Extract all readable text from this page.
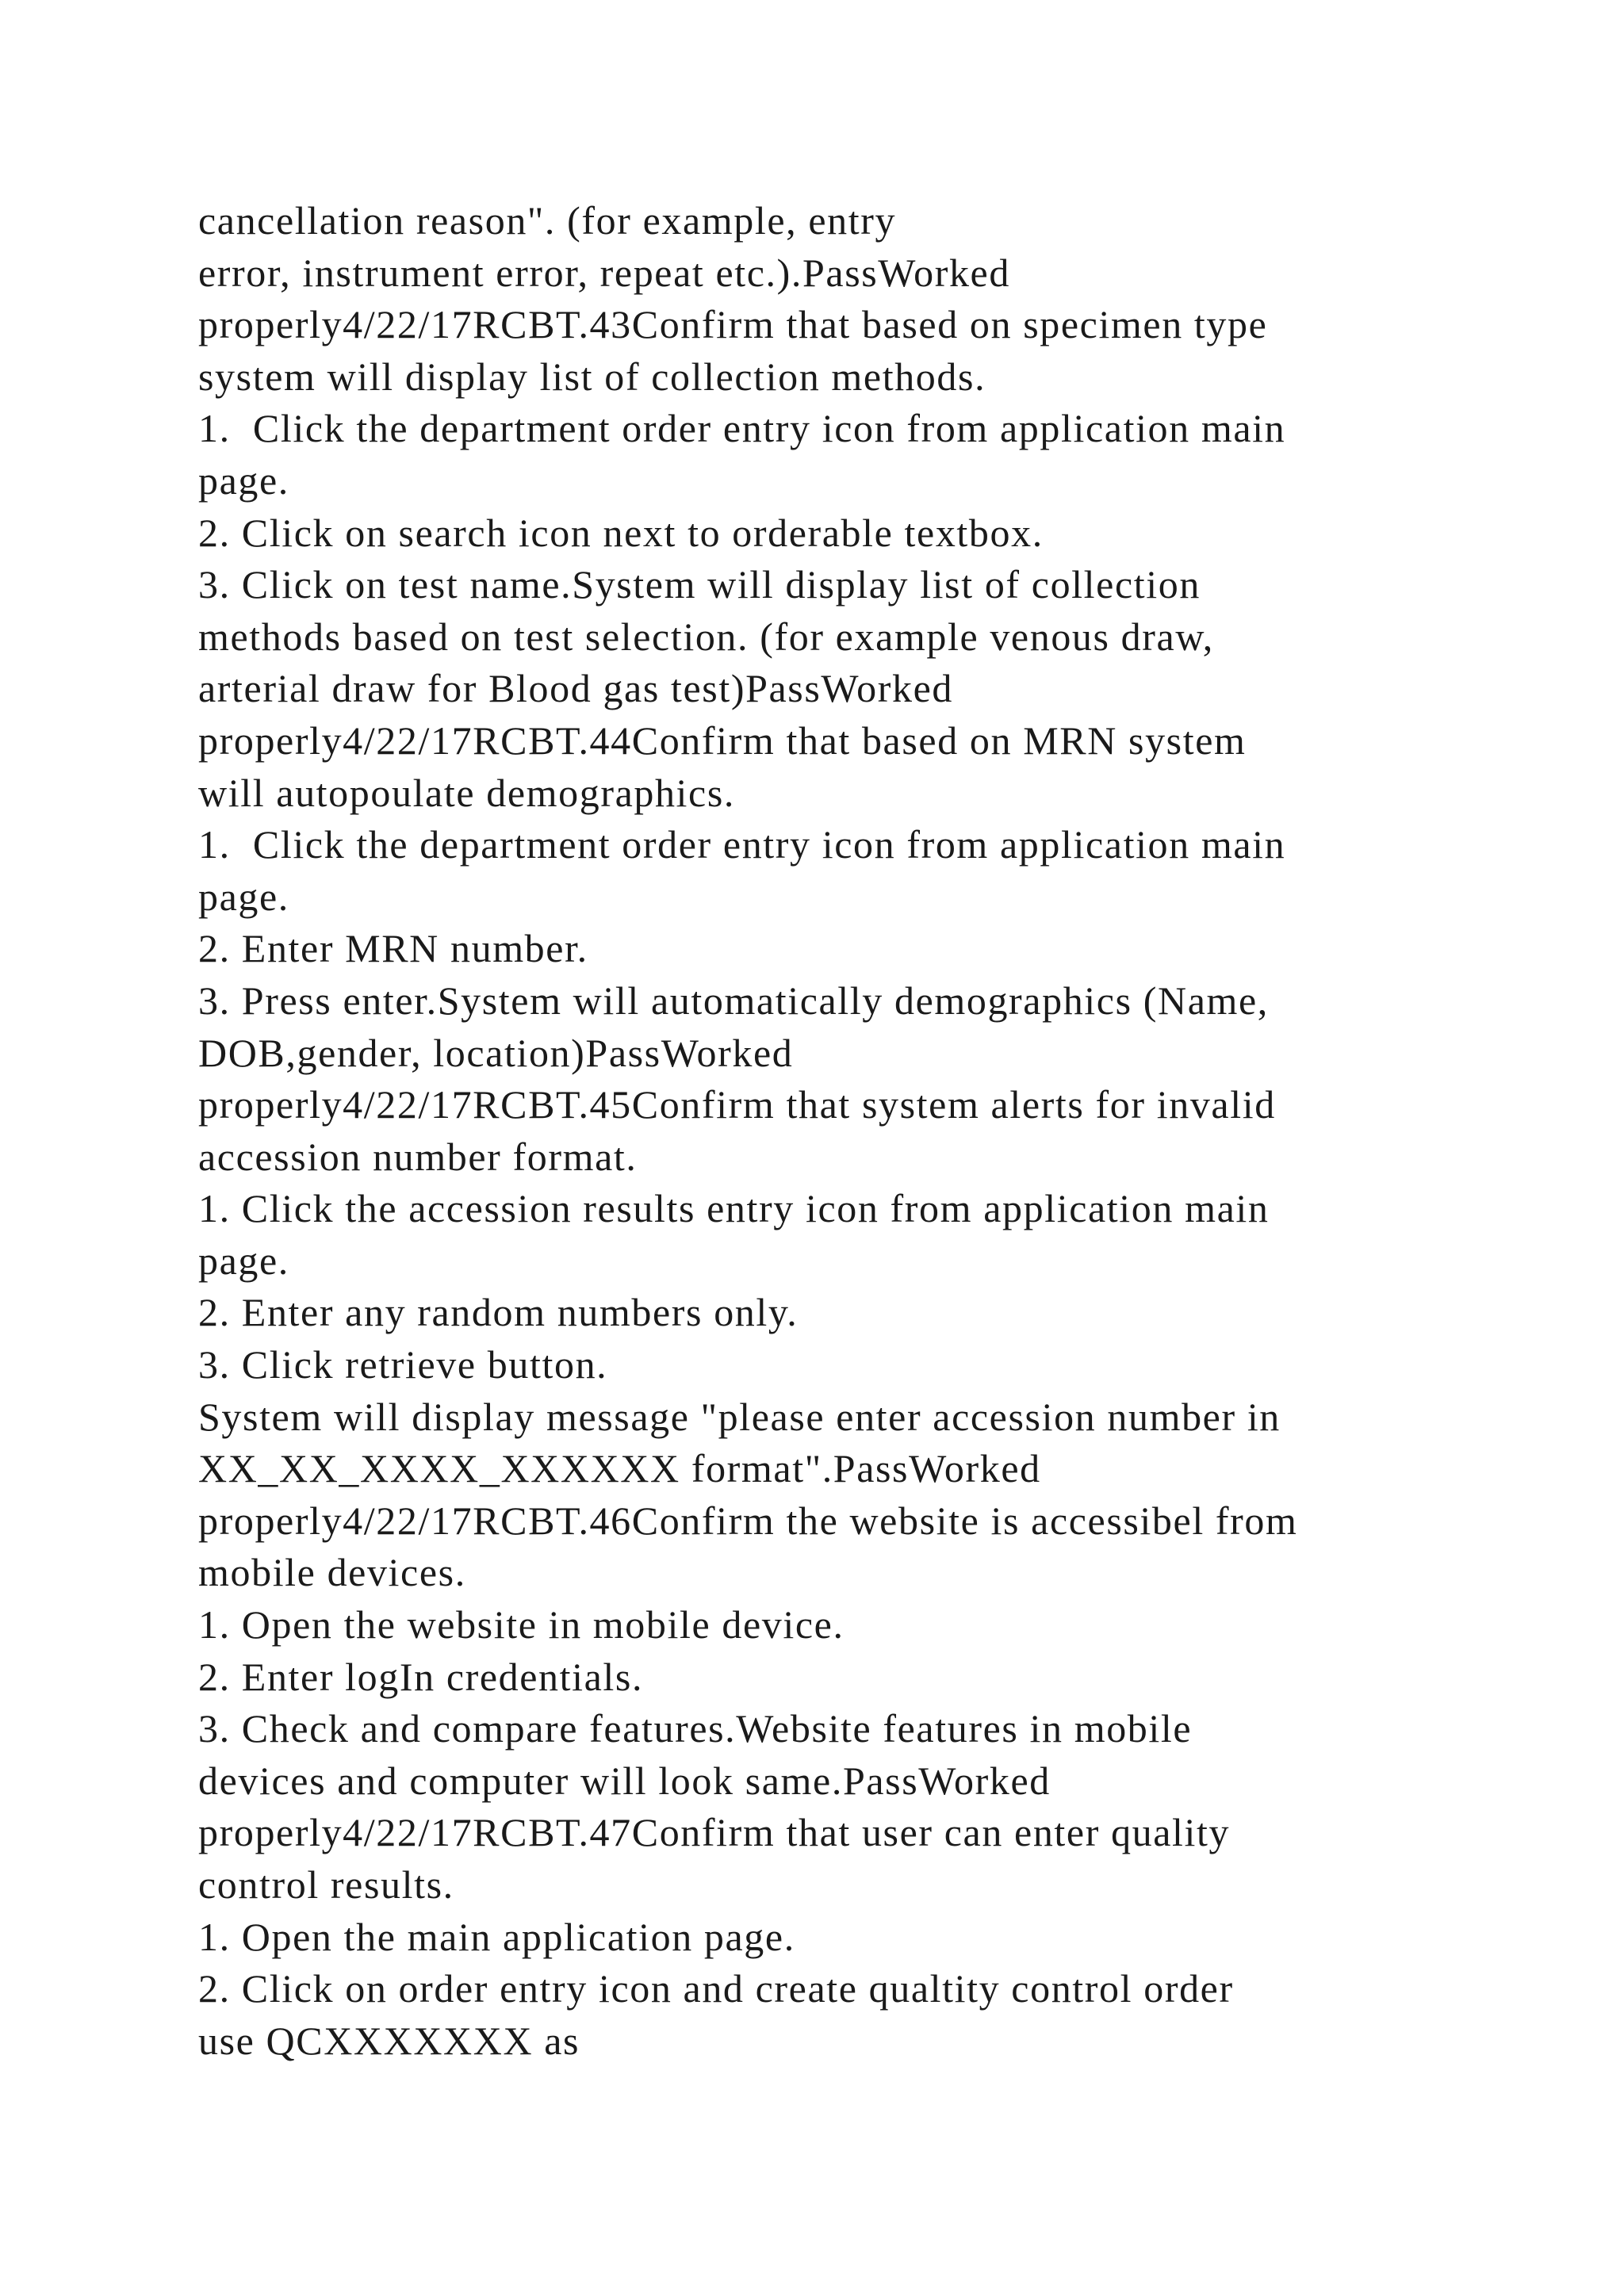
cancellation reason". (for example, entry
error, instrument error, repeat etc.).PassWorked
properly4/22/17RCBT.43Confirm that based on specimen type
system will display list of collection methods.
1.  Click the department order entry icon from application main
page.
2. Click on search icon next to orderable textbox.
3. Click on test name.System will display list of collection
methods based on test selection. (for example venous draw,
arterial draw for Blood gas test)PassWorked
properly4/22/17RCBT.44Confirm that based on MRN system
will autopoulate demographics.
1.  Click the department order entry icon from application main
page.
2. Enter MRN number.
3. Press enter.System will automatically demographics (Name,
DOB,gender, location)PassWorked
properly4/22/17RCBT.45Confirm that system alerts for invalid
accession number format.
1. Click the accession results entry icon from application main
page.
2. Enter any random numbers only.
3. Click retrieve button.
System will display message "please enter accession number in
XX_XX_XXXX_XXXXXX format".PassWorked
properly4/22/17RCBT.46Confirm the website is accessibel from
mobile devices.
1. Open the website in mobile device.
2. Enter logIn credentials.
3. Check and compare features.Website features in mobile
devices and computer will look same.PassWorked
properly4/22/17RCBT.47Confirm that user can enter quality
control results.
1. Open the main application page.
2. Click on order entry icon and create qualtity control order
use QCXXXXXXX as
